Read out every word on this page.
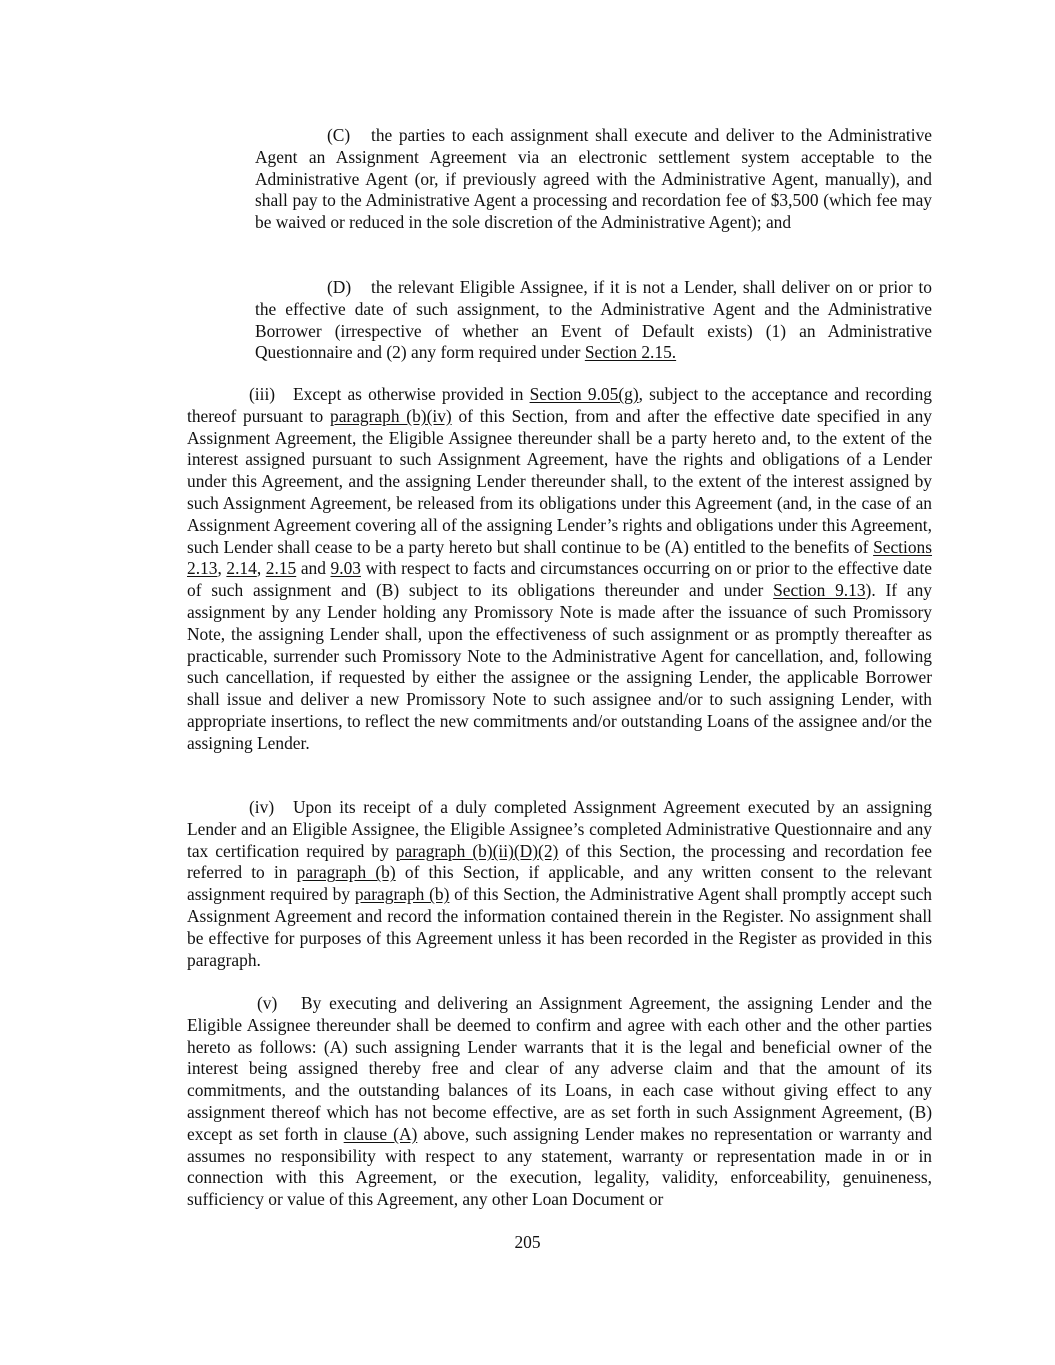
(C) the parties to each assignment shall execute and deliver to the Administrative Agent an Assignment Agreement via an electronic settlement system acceptable to the Administrative Agent (or, if previously agreed with the Administrative Agent, manually), and shall pay to the Administrative Agent a processing and recordation fee of $3,500 (which fee may be waived or reduced in the sole discretion of the Administrative Agent); and

(D) the relevant Eligible Assignee, if it is not a Lender, shall deliver on or prior to the effective date of such assignment, to the Administrative Agent and the Administrative Borrower (irrespective of whether an Event of Default exists) (1) an Administrative Questionnaire and (2) any form required under Section 2.15.

(iii) Except as otherwise provided in Section 9.05(g), subject to the acceptance and recording thereof pursuant to paragraph (b)(iv) of this Section, from and after the effective date specified in any Assignment Agreement, the Eligible Assignee thereunder shall be a party hereto and, to the extent of the interest assigned pursuant to such Assignment Agreement, have the rights and obligations of a Lender under this Agreement, and the assigning Lender thereunder shall, to the extent of the interest assigned by such Assignment Agreement, be released from its obligations under this Agreement (and, in the case of an Assignment Agreement covering all of the assigning Lender’s rights and obligations under this Agreement, such Lender shall cease to be a party hereto but shall continue to be (A) entitled to the benefits of Sections 2.13, 2.14, 2.15 and 9.03 with respect to facts and circumstances occurring on or prior to the effective date of such assignment and (B) subject to its obligations thereunder and under Section 9.13). If any assignment by any Lender holding any Promissory Note is made after the issuance of such Promissory Note, the assigning Lender shall, upon the effectiveness of such assignment or as promptly thereafter as practicable, surrender such Promissory Note to the Administrative Agent for cancellation, and, following such cancellation, if requested by either the assignee or the assigning Lender, the applicable Borrower shall issue and deliver a new Promissory Note to such assignee and/or to such assigning Lender, with appropriate insertions, to reflect the new commitments and/or outstanding Loans of the assignee and/or the assigning Lender.

(iv) Upon its receipt of a duly completed Assignment Agreement executed by an assigning Lender and an Eligible Assignee, the Eligible Assignee’s completed Administrative Questionnaire and any tax certification required by paragraph (b)(ii)(D)(2) of this Section, the processing and recordation fee referred to in paragraph (b) of this Section, if applicable, and any written consent to the relevant assignment required by paragraph (b) of this Section, the Administrative Agent shall promptly accept such Assignment Agreement and record the information contained therein in the Register. No assignment shall be effective for purposes of this Agreement unless it has been recorded in the Register as provided in this paragraph.

(v) By executing and delivering an Assignment Agreement, the assigning Lender and the Eligible Assignee thereunder shall be deemed to confirm and agree with each other and the other parties hereto as follows: (A) such assigning Lender warrants that it is the legal and beneficial owner of the interest being assigned thereby free and clear of any adverse claim and that the amount of its commitments, and the outstanding balances of its Loans, in each case without giving effect to any assignment thereof which has not become effective, are as set forth in such Assignment Agreement, (B) except as set forth in clause (A) above, such assigning Lender makes no representation or warranty and assumes no responsibility with respect to any statement, warranty or representation made in or in connection with this Agreement, or the execution, legality, validity, enforceability, genuineness, sufficiency or value of this Agreement, any other Loan Document or

205
